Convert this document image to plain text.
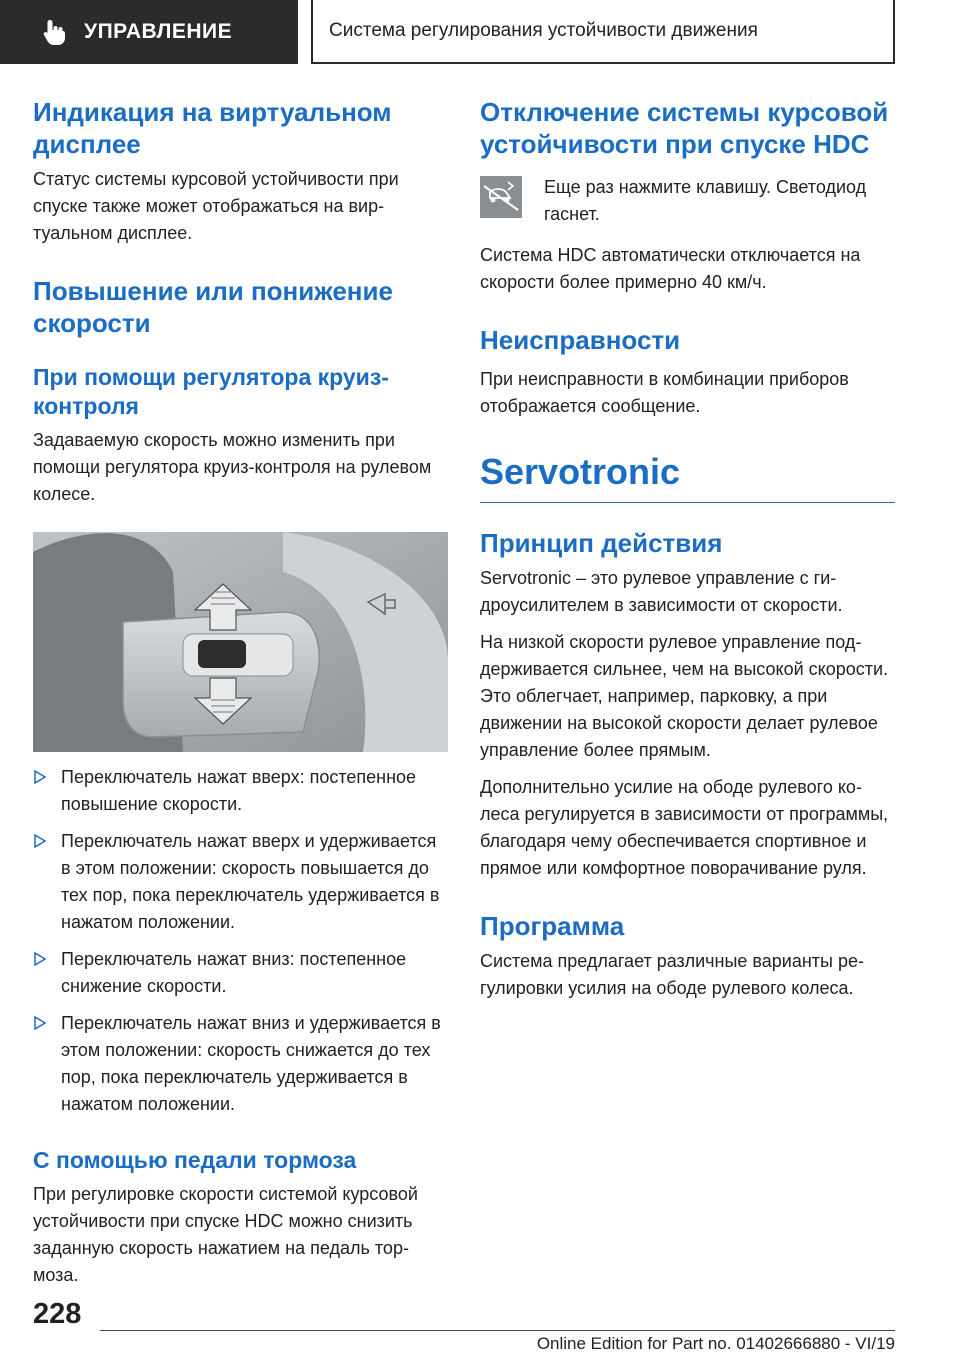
УПРАВЛЕНИЕ	Система регулирования устойчивости движения
Индикация на виртуальном дисплее

Статус системы курсовой устойчивости при спуске также может отображаться на виртуальном дисплее.

Повышение или понижение скорости
При помощи регулятора круиз-контроля

Задаваемую скорость можно изменить при помощи регулятора круиз-контроля на рулевом колесе.

Переключатель нажат вверх: постепенное повышение скорости.
Переключатель нажат вверх и удерживается в этом положении: скорость повышается до тех пор, пока переключатель удерживается в нажатом положении.
Переключатель нажат вниз: постепенное снижение скорости.
Переключатель нажат вниз и удерживается в этом положении: скорость снижается до тех пор, пока переключатель удерживается в нажатом положении.
С помощью педали тормоза

При регулировке скорости системой курсовой устойчивости при спуске HDC можно снизить заданную скорость нажатием на педаль тормоза.

Отключение системы курсовой устойчивости при спуске HDC

Еще раз нажмите клавишу. Светодиод гаснет.

Система HDC автоматически отключается на скорости более примерно 40 км/ч.

Неисправности

При неисправности в комбинации приборов отображается сообщение.

Servotronic
Принцип действия

Servotronic – это рулевое управление с гидроусилителем в зависимости от скорости.

На низкой скорости рулевое управление поддерживается сильнее, чем на высокой скорости. Это облегчает, например, парковку, а при движении на высокой скорости делает рулевое управление более прямым.

Дополнительно усилие на ободе рулевого колеса регулируется в зависимости от программы, благодаря чему обеспечивается спортивное и прямое или комфортное поворачивание руля.

Программа

Система предлагает различные варианты регулировки усилия на ободе рулевого колеса.

228
Online Edition for Part no. 01402666880 - VI/19
